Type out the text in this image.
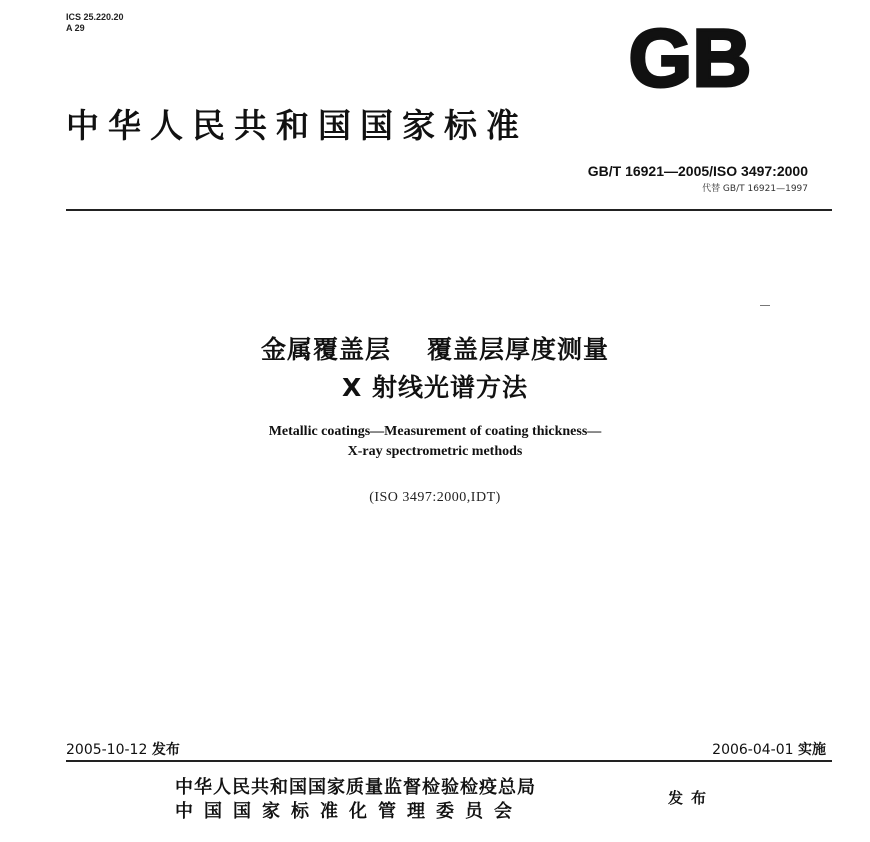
ICS 25.220.20
A 29	GB
中华人民共和国国家标准
GB/T 16921—2005/ISO 3497:2000
代替 GB/T 16921—1997
金属覆盖层 覆盖层厚度测量
X 射线光谱方法
Metallic coatings—Measurement of coating thickness—
X-ray spectrometric methods
(ISO 3497:2000,IDT)
2005-10-12 发布	2006-04-01 实施
中华人民共和国国家质量监督检验检疫总局
中国国家标准化管理委员会
发布
